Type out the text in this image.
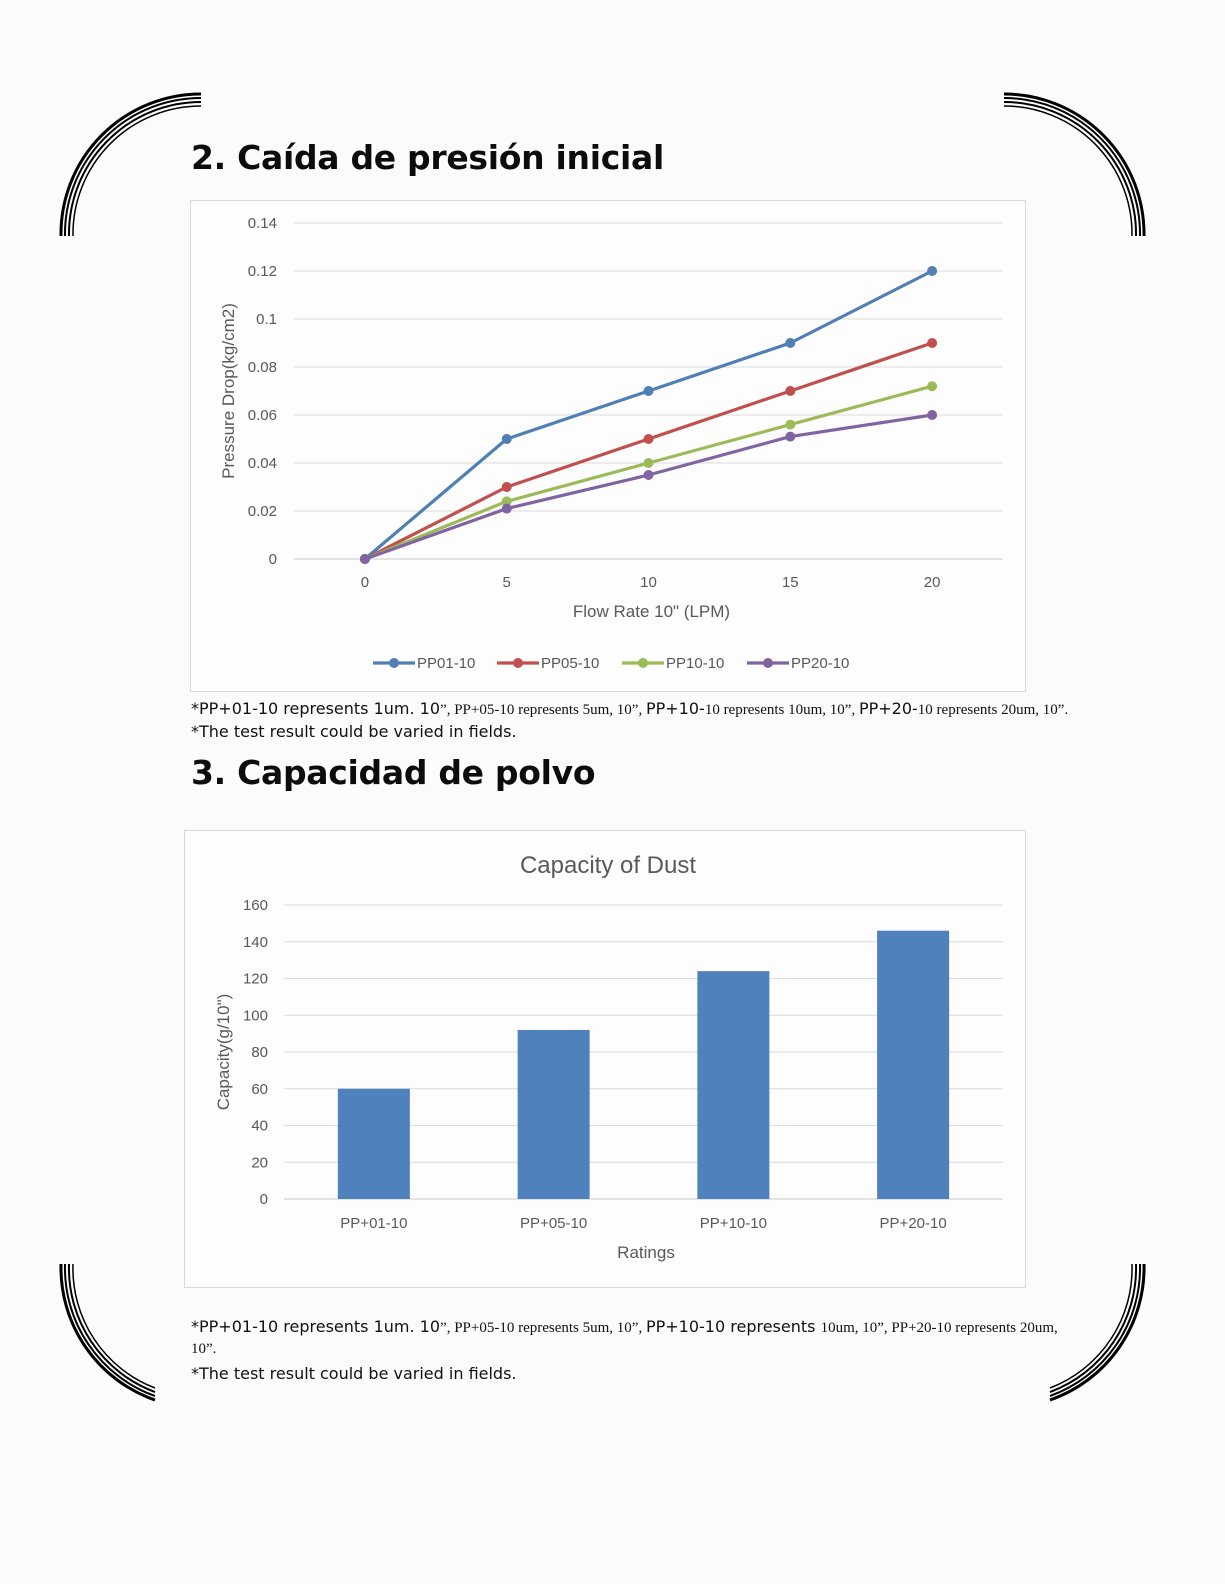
2. Caída de presión inicial
0
0.02
0.04
0.06
0.08
0.1
0.12
0.14
0	5	10	15	20
Flow Rate 10" (LPM)
Pressure Drop(kg/cm2)
PP01-10	PP05-10	PP10-10	PP20-10
*PP+01-10 represents 1um. 10”, PP+05-10 represents 5um, 10”, PP+10-10 represents 10um, 10”, PP+20-10 represents 20um, 10”.
*The test result could be varied in fields.
3. Capacidad de polvo
Capacity of Dust
0
20
40
60
80
100
120
140
160
PP+01-10	PP+05-10	PP+10-10	PP+20-10
Ratings
Capacity(g/10")
*PP+01-10 represents 1um. 10”, PP+05-10 represents 5um, 10”, PP+10-10 represents 10um, 10”, PP+20-10 represents 20um,
10”.
*The test result could be varied in fields.
